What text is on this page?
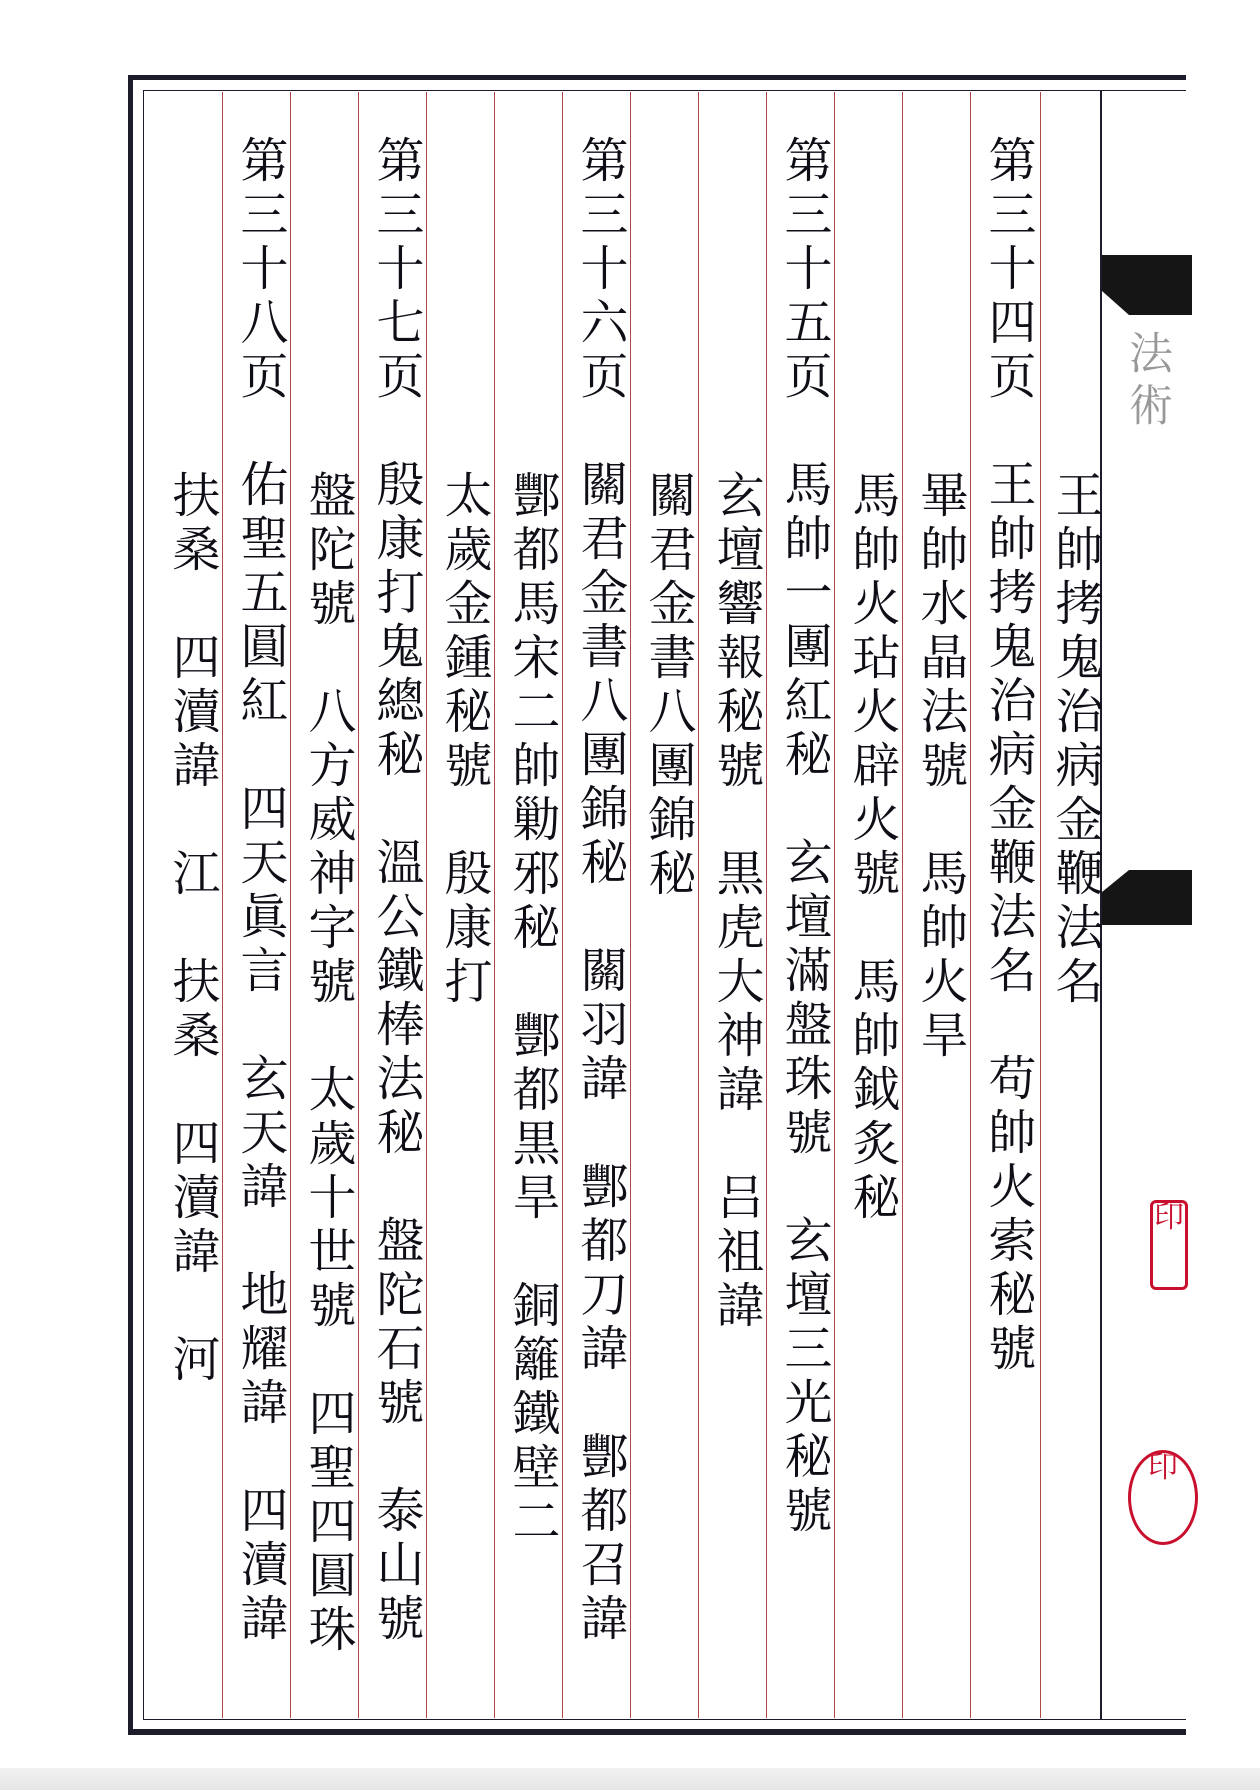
法術
印
印
王帥拷鬼治病金鞭法名
第三十四页　王帥拷鬼治病金鞭法名　苟帥火索秘號
畢帥水晶法號　馬帥火旱
馬帥火玷火辟火號　馬帥鉞炙秘
第三十五页　馬帥一團紅秘　玄壇滿盤珠號　玄壇三光秘號
玄壇響報秘號　黒虎大神諱　吕祖諱
關君金書八團錦秘
第三十六页　關君金書八團錦秘　關羽諱　酆都刀諱　酆都召諱
酆都馬宋二帥勦邪秘　酆都黒旱　銅籬鐵壁二
太歲金鍾秘號　殷康打
第三十七页　殷康打鬼總秘　溫公鐵棒法秘　盤陀石號　泰山號
盤陀號　八方威神字號　太歲十世號　四聖四圓珠
第三十八页　佑聖五圓紅　四天眞言　玄天諱　地耀諱　四瀆諱
扶桑　四瀆諱　江　扶桑　四瀆諱　河
